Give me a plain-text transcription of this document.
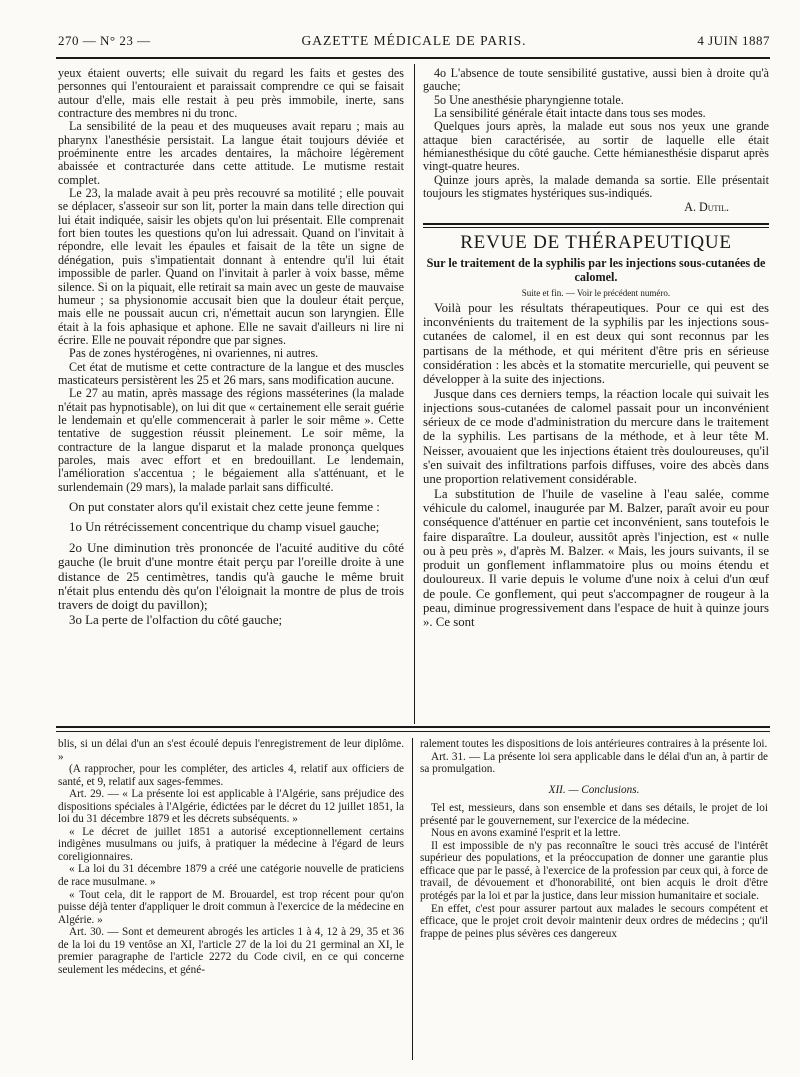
270 — N° 23 —	GAZETTE MÉDICALE DE PARIS.	4 JUIN 1887

yeux étaient ouverts; elle suivait du regard les faits et gestes des personnes qui l'entouraient et paraissait comprendre ce qui se faisait autour d'elle, mais elle restait à peu près immobile, inerte, sans contracture des membres ni du tronc.

La sensibilité de la peau et des muqueuses avait reparu ; mais au pharynx l'anesthésie persistait. La langue était toujours déviée et proéminente entre les arcades dentaires, la mâchoire légèrement abaissée et contracturée dans cette attitude. Le mutisme restait complet.

Le 23, la malade avait à peu près recouvré sa motilité ; elle pouvait se déplacer, s'asseoir sur son lit, porter la main dans telle direction qui lui était indiquée, saisir les objets qu'on lui présentait. Elle comprenait fort bien toutes les questions qu'on lui adressait. Quand on l'invitait à répondre, elle levait les épaules et faisait de la tête un signe de dénégation, puis s'impatientait donnant à entendre qu'il lui était impossible de parler. Quand on l'invitait à parler à voix basse, même silence. Si on la piquait, elle retirait sa main avec un geste de mauvaise humeur ; sa physionomie accusait bien que la douleur était perçue, mais elle ne poussait aucun cri, n'émettait aucun son laryngien. Elle était à la fois aphasique et aphone. Elle ne savait d'ailleurs ni lire ni écrire. Elle ne pouvait répondre que par signes.

Pas de zones hystérogènes, ni ovariennes, ni autres.

Cet état de mutisme et cette contracture de la langue et des muscles masticateurs persistèrent les 25 et 26 mars, sans modification aucune.

Le 27 au matin, après massage des régions masséterines (la malade n'était pas hypnotisable), on lui dit que « certainement elle serait guérie le lendemain et qu'elle commencerait à parler le soir même ». Cette tentative de suggestion réussit pleinement. Le soir même, la contracture de la langue disparut et la malade prononça quelques paroles, mais avec effort et en bredouillant. Le lendemain, l'amélioration s'accentua ; le bégaiement alla s'atténuant, et le surlendemain (29 mars), la malade parlait sans difficulté.

On put constater alors qu'il existait chez cette jeune femme :

1o Un rétrécissement concentrique du champ visuel gauche;

2o Une diminution très prononcée de l'acuité auditive du côté gauche (le bruit d'une montre était perçu par l'oreille droite à une distance de 25 centimètres, tandis qu'à gauche le même bruit n'était plus entendu dès qu'on l'éloignait la montre de plus de trois travers de doigt du pavillon);

3o La perte de l'olfaction du côté gauche;

4o L'absence de toute sensibilité gustative, aussi bien à droite qu'à gauche;

5o Une anesthésie pharyngienne totale.

La sensibilité générale était intacte dans tous ses modes.

Quelques jours après, la malade eut sous nos yeux une grande attaque bien caractérisée, au sortir de laquelle elle était hémianesthésique du côté gauche. Cette hémianesthésie disparut après vingt-quatre heures.

Quinze jours après, la malade demanda sa sortie. Elle présentait toujours les stigmates hystériques sus-indiqués.

A. Dutil.
REVUE DE THÉRAPEUTIQUE
Sur le traitement de la syphilis par les injections sous-cutanées de calomel.
Suite et fin. — Voir le précédent numéro.

Voilà pour les résultats thérapeutiques. Pour ce qui est des inconvénients du traitement de la syphilis par les injections sous-cutanées de calomel, il en est deux qui sont reconnus par les partisans de la méthode, et qui méritent d'être pris en sérieuse considération : les abcès et la stomatite mercurielle, qui peuvent se développer à la suite des injections.

Jusque dans ces derniers temps, la réaction locale qui suivait les injections sous-cutanées de calomel passait pour un inconvénient sérieux de ce mode d'administration du mercure dans le traitement de la syphilis. Les partisans de la méthode, et à leur tête M. Neisser, avouaient que les injections étaient très douloureuses, qu'il s'en suivait des infiltrations parfois diffuses, voire des abcès dans une proportion relativement considérable.

La substitution de l'huile de vaseline à l'eau salée, comme véhicule du calomel, inaugurée par M. Balzer, paraît avoir eu pour conséquence d'atténuer en partie cet inconvénient, sans toutefois le faire disparaître. La douleur, aussitôt après l'injection, est « nulle ou à peu près », d'après M. Balzer. « Mais, les jours suivants, il se produit un gonflement inflammatoire plus ou moins étendu et douloureux. Il varie depuis le volume d'une noix à celui d'un œuf de poule. Ce gonflement, qui peut s'accompagner de rougeur à la peau, diminue progressivement dans l'espace de huit à quinze jours ». Ce sont

blis, si un délai d'un an s'est écoulé depuis l'enregistrement de leur diplôme. »

(A rapprocher, pour les compléter, des articles 4, relatif aux officiers de santé, et 9, relatif aux sages-femmes.

Art. 29. — « La présente loi est applicable à l'Algérie, sans préjudice des dispositions spéciales à l'Algérie, édictées par le décret du 12 juillet 1851, la loi du 31 décembre 1879 et les décrets subséquents. »

« Le décret de juillet 1851 a autorisé exceptionnellement certains indigènes musulmans ou juifs, à pratiquer la médecine à l'égard de leurs coreligionnaires.

« La loi du 31 décembre 1879 a créé une catégorie nouvelle de praticiens de race musulmane. »

« Tout cela, dit le rapport de M. Brouardel, est trop récent pour qu'on puisse déjà tenter d'appliquer le droit commun à l'exercice de la médecine en Algérie. »

Art. 30. — Sont et demeurent abrogés les articles 1 à 4, 12 à 29, 35 et 36 de la loi du 19 ventôse an XI, l'article 27 de la loi du 21 germinal an XI, le premier paragraphe de l'article 2272 du Code civil, en ce qui concerne seulement les médecins, et géné-

ralement toutes les dispositions de lois antérieures contraires à la présente loi.

Art. 31. — La présente loi sera applicable dans le délai d'un an, à partir de sa promulgation.

XII. — Conclusions.

Tel est, messieurs, dans son ensemble et dans ses détails, le projet de loi présenté par le gouvernement, sur l'exercice de la médecine.

Nous en avons examiné l'esprit et la lettre.

Il est impossible de n'y pas reconnaître le souci très accusé de l'intérêt supérieur des populations, et la préoccupation de donner une garantie plus efficace que par le passé, à l'exercice de la profession par ceux qui, à force de travail, de dévouement et d'honorabilité, ont bien acquis le droit d'être protégés par la loi et par la justice, dans leur mission humanitaire et sociale.

En effet, c'est pour assurer partout aux malades le secours compétent et efficace, que le projet croit devoir maintenir deux ordres de médecins ; qu'il frappe de peines plus sévères ces dangereux
